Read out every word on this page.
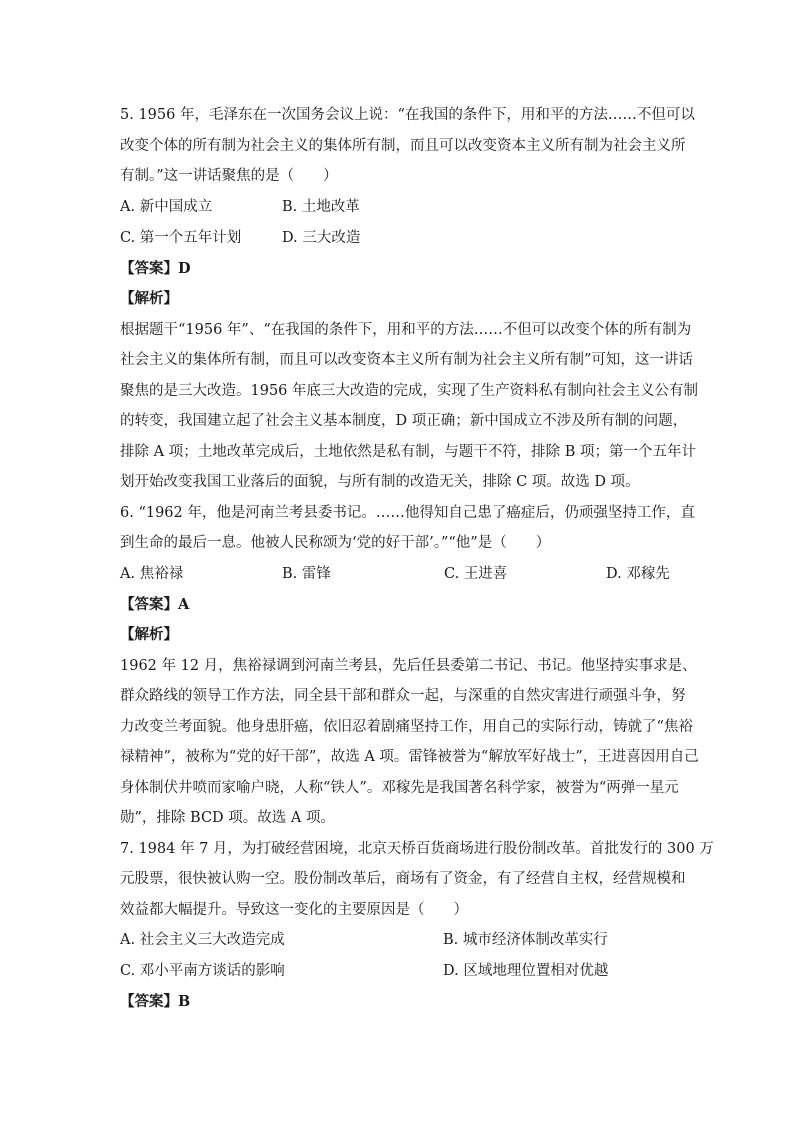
5. 1956 年，毛泽东在一次国务会议上说：“在我国的条件下，用和平的方法……不但可以
改变个体的所有制为社会主义的集体所有制，而且可以改变资本主义所有制为社会主义所
有制。”这一讲话聚焦的是（　　）
A. 新中国成立	B. 土地改革
C. 第一个五年计划	D. 三大改造
【答案】D
【解析】
根据题干“1956 年”、“在我国的条件下，用和平的方法……不但可以改变个体的所有制为
社会主义的集体所有制，而且可以改变资本主义所有制为社会主义所有制”可知，这一讲话
聚焦的是三大改造。1956 年底三大改造的完成，实现了生产资料私有制向社会主义公有制
的转变，我国建立起了社会主义基本制度，D 项正确；新中国成立不涉及所有制的问题，
排除 A 项；土地改革完成后，土地依然是私有制，与题干不符，排除 B 项；第一个五年计
划开始改变我国工业落后的面貌，与所有制的改造无关，排除 C 项。故选 D 项。
6. “1962 年，他是河南兰考县委书记。……他得知自己患了癌症后，仍顽强坚持工作，直
到生命的最后一息。他被人民称颂为‘党的好干部’。”“他”是（　　）
A. 焦裕禄	B. 雷锋	C. 王进喜	D. 邓稼先
【答案】A
【解析】
1962 年 12 月，焦裕禄调到河南兰考县，先后任县委第二书记、书记。他坚持实事求是、
群众路线的领导工作方法，同全县干部和群众一起，与深重的自然灾害进行顽强斗争，努
力改变兰考面貌。他身患肝癌，依旧忍着剧痛坚持工作，用自己的实际行动，铸就了“焦裕
禄精神”，被称为“党的好干部”，故选 A 项。雷锋被誉为“解放军好战士”，王进喜因用自己
身体制伏井喷而家喻户晓，人称“铁人”。邓稼先是我国著名科学家，被誉为“两弹一星元
勋”，排除 BCD 项。故选 A 项。
7. 1984 年 7 月，为打破经营困境，北京天桥百货商场进行股份制改革。首批发行的 300 万
元股票，很快被认购一空。股份制改革后，商场有了资金，有了经营自主权，经营规模和
效益都大幅提升。导致这一变化的主要原因是（　　）
A. 社会主义三大改造完成	B. 城市经济体制改革实行
C. 邓小平南方谈话的影响	D. 区域地理位置相对优越
【答案】B
